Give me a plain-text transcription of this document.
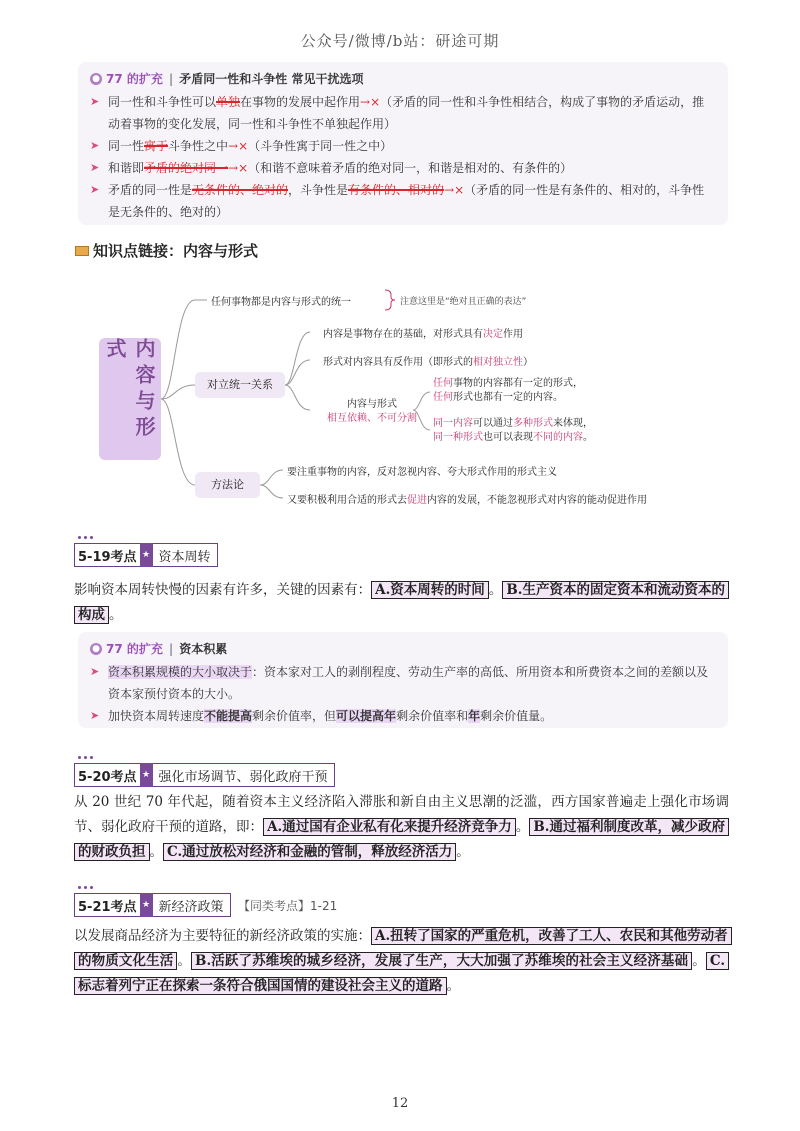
公众号/微博/b站：研途可期
● 77 的扩充 | 矛盾同一性和斗争性 常见干扰选项
➤ 同一性和斗争性可以单独在事物的发展中起作用→×（矛盾的同一性和斗争性相结合，构成了事物的矛盾运动，推动着事物的变化发展，同一性和斗争性不单独起作用）
➤ 同一性寓于斗争性之中→×（斗争性寓于同一性之中）
➤ 和谐即矛盾的绝对同一→×（和谐不意味着矛盾的绝对同一，和谐是相对的、有条件的）
➤ 矛盾的同一性是无条件的、绝对的，斗争性是有条件的、相对的→×（矛盾的同一性是有条件的、相对的，斗争性是无条件的、绝对的）
知识点链接：内容与形式
内容与形式
任何事物都是内容与形式的统一	注意这里是“绝对且正确的表达”
对立统一关系
内容是事物存在的基础，对形式具有决定作用
形式对内容具有反作用（即形式的相对独立性）
内容与形式
相互依赖、不可分割
任何事物的内容都有一定的形式，
任何形式也都有一定的内容。
同一内容可以通过多种形式来体现，
同一种形式也可以表现不同的内容。
方法论
要注重事物的内容，反对忽视内容、夸大形式作用的形式主义
又要积极利用合适的形式去促进内容的发展，不能忽视形式对内容的能动促进作用
5-19考点 ★ 资本周转
影响资本周转快慢的因素有许多，关键的因素有： A.资本周转的时间 。 B.生产资本的固定资本和流动资本的构成 。
● 77 的扩充 | 资本积累
➤ 资本积累规模的大小取决于：资本家对工人的剥削程度、劳动生产率的高低、所用资本和所费资本之间的差额以及资本家预付资本的大小。
➤ 加快资本周转速度不能提高剩余价值率，但可以提高年剩余价值率和年剩余价值量。
5-20考点 ★ 强化市场调节、弱化政府干预
从 20 世纪 70 年代起，随着资本主义经济陷入滞胀和新自由主义思潮的泛滥，西方国家普遍走上强化市场调节、弱化政府干预的道路，即： A.通过国有企业私有化来提升经济竞争力 。 B.通过福利制度改革，减少政府的财政负担 。 C.通过放松对经济和金融的管制，释放经济活力 。
5-21考点 ★ 新经济政策	【同类考点】1-21
以发展商品经济为主要特征的新经济政策的实施： A.扭转了国家的严重危机，改善了工人、农民和其他劳动者的物质文化生活 。 B.活跃了苏维埃的城乡经济，发展了生产，大大加强了苏维埃的社会主义经济基础 。 C.标志着列宁正在探索一条符合俄国国情的建设社会主义的道路 。
12
